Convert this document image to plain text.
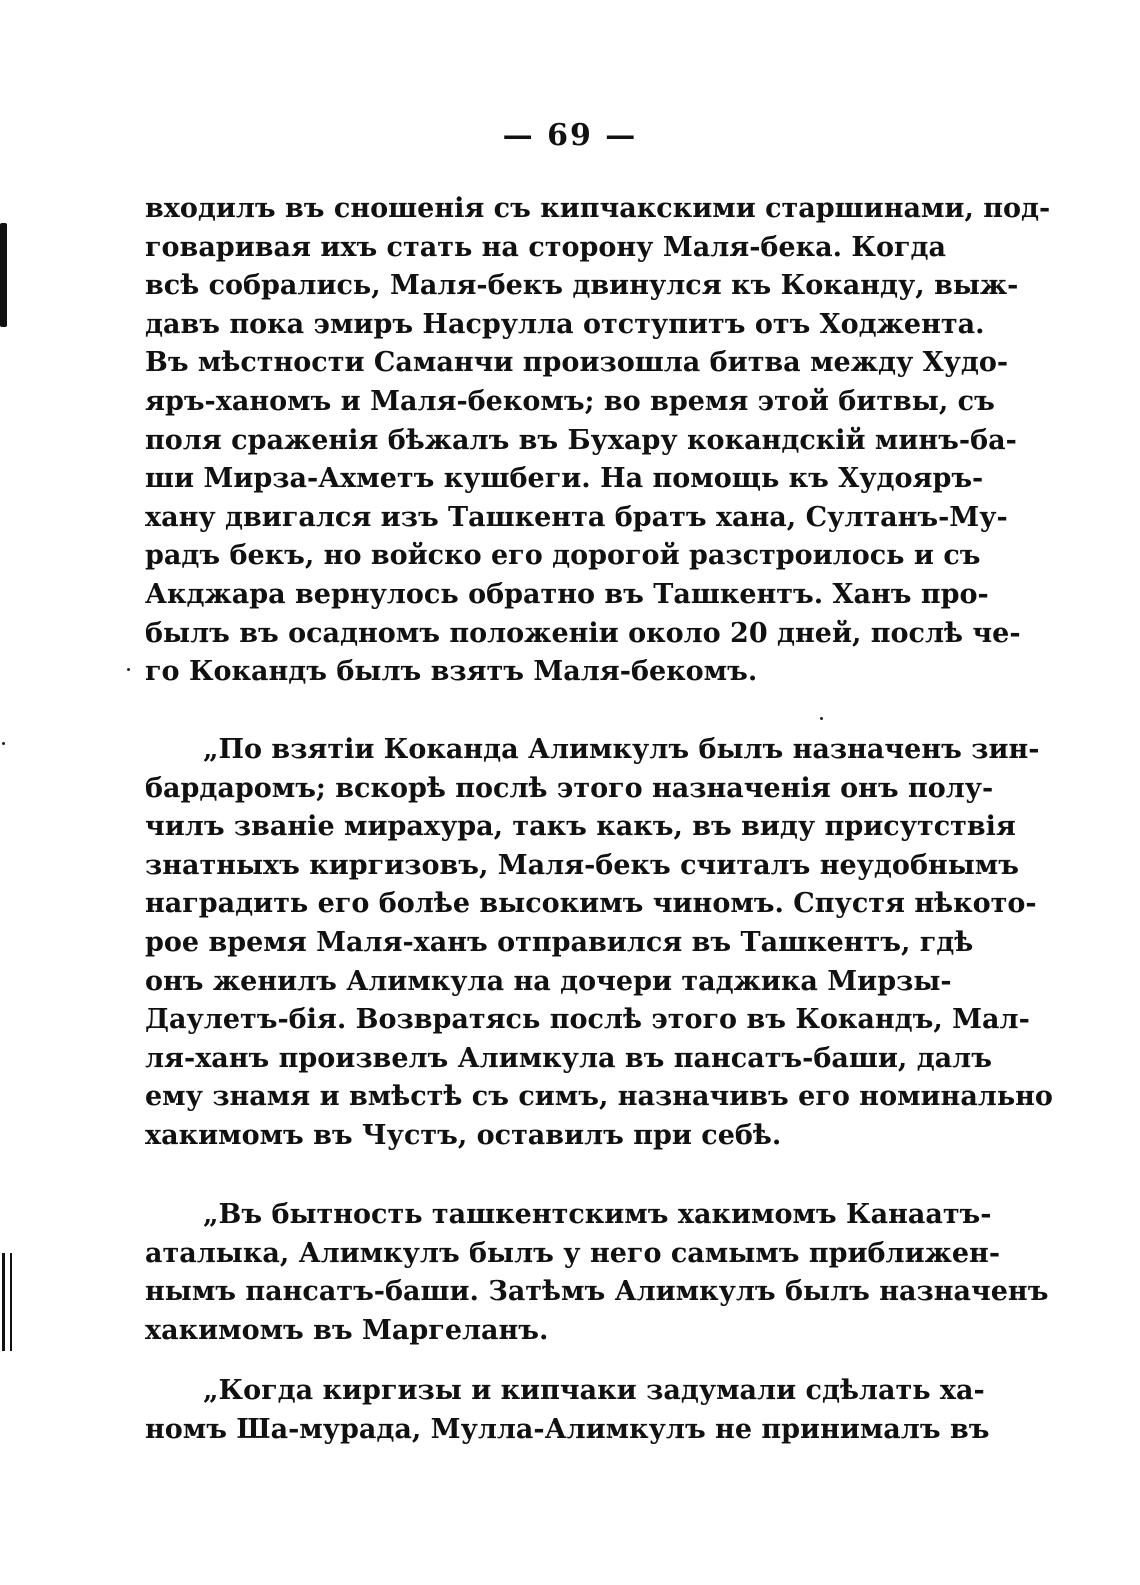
— 69 —
входилъ въ сношенія съ кипчакскими старшинами, под-
говаривая ихъ стать на сторону Маля-бека. Когда
всѣ собрались, Маля-бекъ двинулся къ Коканду, выж-
давъ пока эмиръ Насрулла отступитъ отъ Ходжента.
Въ мѣстности Саманчи произошла битва между Худо-
яръ-ханомъ и Маля-бекомъ; во время этой битвы, съ
поля сраженія бѣжалъ въ Бухару кокандскій минъ-ба-
ши Мирза-Ахметъ кушбеги. На помощь къ Худояръ-
хану двигался изъ Ташкента братъ хана, Султанъ-Му-
радъ бекъ, но войско его дорогой разстроилось и съ
Акджара вернулось обратно въ Ташкентъ. Ханъ про-
былъ въ осадномъ положеніи около 20 дней, послѣ че-
го Кокандъ былъ взятъ Маля-бекомъ.
„По взятіи Коканда Алимкулъ былъ назначенъ зин-
бардаромъ; вскорѣ послѣ этого назначенія онъ полу-
чилъ званіе мирахура, такъ какъ, въ виду присутствія
знатныхъ киргизовъ, Маля-бекъ считалъ неудобнымъ
наградить его болѣе высокимъ чиномъ. Спустя нѣкото-
рое время Маля-ханъ отправился въ Ташкентъ, гдѣ
онъ женилъ Алимкула на дочери таджика Мирзы-
Даулетъ-бія. Возвратясь послѣ этого въ Кокандъ, Мал-
ля-ханъ произвелъ Алимкула въ пансатъ-баши, далъ
ему знамя и вмѣстѣ съ симъ, назначивъ его номинально
хакимомъ въ Чустъ, оставилъ при себѣ.
„Въ бытность ташкентскимъ хакимомъ Канаатъ-
аталыка, Алимкулъ былъ у него самымъ приближен-
нымъ пансатъ-баши. Затѣмъ Алимкулъ былъ назначенъ
хакимомъ въ Маргеланъ.
„Когда киргизы и кипчаки задумали сдѣлать ха-
номъ Ша-мурада, Мулла-Алимкулъ не принималъ въ
